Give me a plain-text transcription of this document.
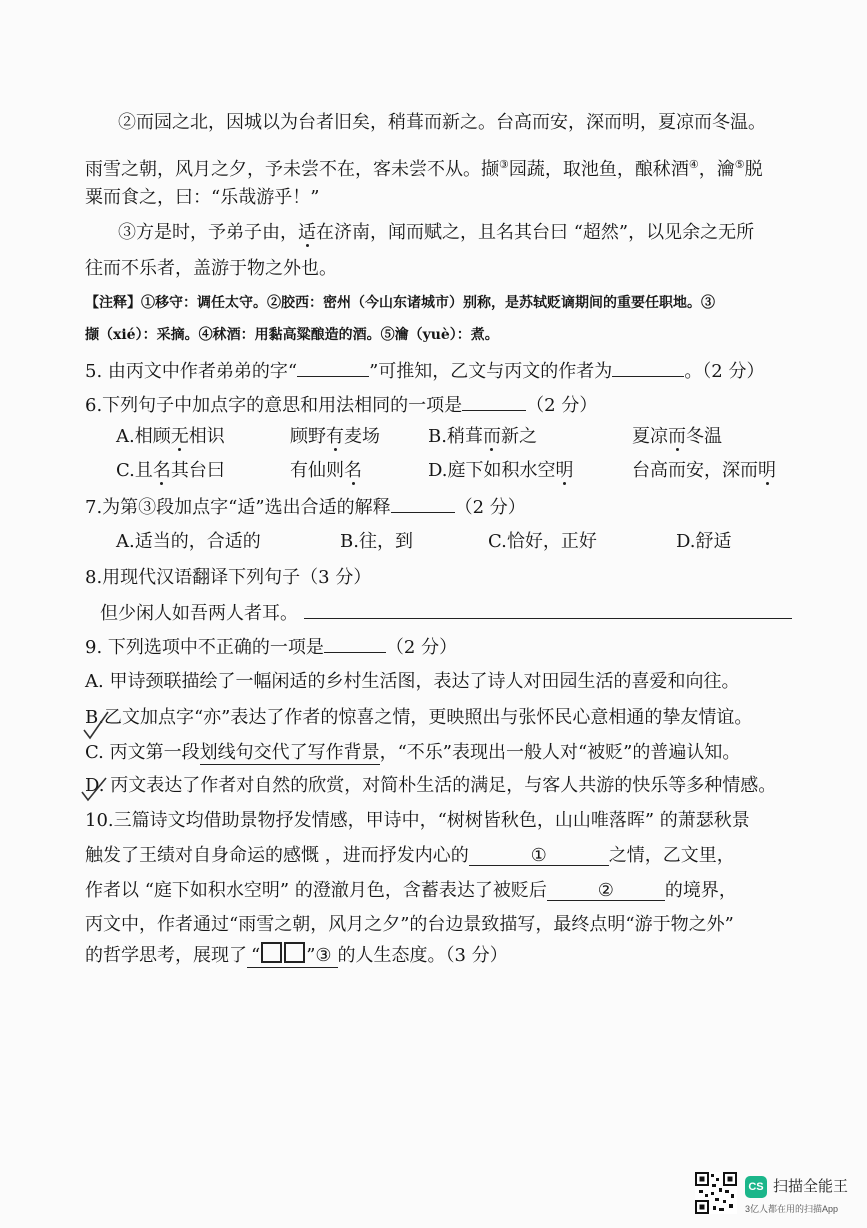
②而园之北，因城以为台者旧矣，稍葺而新之。台高而安，深而明，夏凉而冬温。
雨雪之朝，风月之夕，予未尝不在，客未尝不从。撷③园蔬，取池鱼，酿秫酒④，瀹⑤脱
粟而食之，曰：“乐哉游乎！”
③方是时，予弟子由，适在济南，闻而赋之，且名其台曰 “超然”，以见余之无所
往而不乐者，盖游于物之外也。
【注释】①移守：调任太守。②胶西：密州（今山东诸城市）别称，是苏轼贬谪期间的重要任职地。③
撷（xié）：采摘。④秫酒：用黏高粱酿造的酒。⑤瀹（yuè）：煮。
5. 由丙文中作者弟弟的字“	”可推知，乙文与丙文的作者为	。（2 分）
6.下列句子中加点字的意思和用法相同的一项是	（2 分）
A.相顾无相识	顾野有麦场	B.稍葺而新之	夏凉而冬温
C.且名其台曰	有仙则名	D.庭下如积水空明	台高而安，深而明
7.为第③段加点字“适”选出合适的解释	（2 分）
A.适当的，合适的	B.往，到	C.恰好，正好	D.舒适
8.用现代汉语翻译下列句子（3 分）
但少闲人如吾两人者耳。
9. 下列选项中不正确的一项是	（2 分）
A. 甲诗颈联描绘了一幅闲适的乡村生活图，表达了诗人对田园生活的喜爱和向往。
B.乙文加点字“亦”表达了作者的惊喜之情，更映照出与张怀民心意相通的挚友情谊。
C. 丙文第一段划线句交代了写作背景，“不乐”表现出一般人对“被贬”的普遍认知。
D. 丙文表达了作者对自然的欣赏，对简朴生活的满足，与客人共游的快乐等多种情感。
10.三篇诗文均借助景物抒发情感，甲诗中，“树树皆秋色，山山唯落晖” 的萧瑟秋景
触发了王绩对自身命运的感慨 ，进而抒发内心的	①	之情，乙文里，
作者以 “庭下如积水空明” 的澄澈月色，含蓄表达了被贬后	②	的境界，
丙文中，作者通过“雨雪之朝，风月之夕”的台边景致描写，最终点明“游于物之外”
的哲学思考，展现了 “	”③ 的人生态度。（3 分）
CS 扫描全能王
3亿人都在用的扫描App
